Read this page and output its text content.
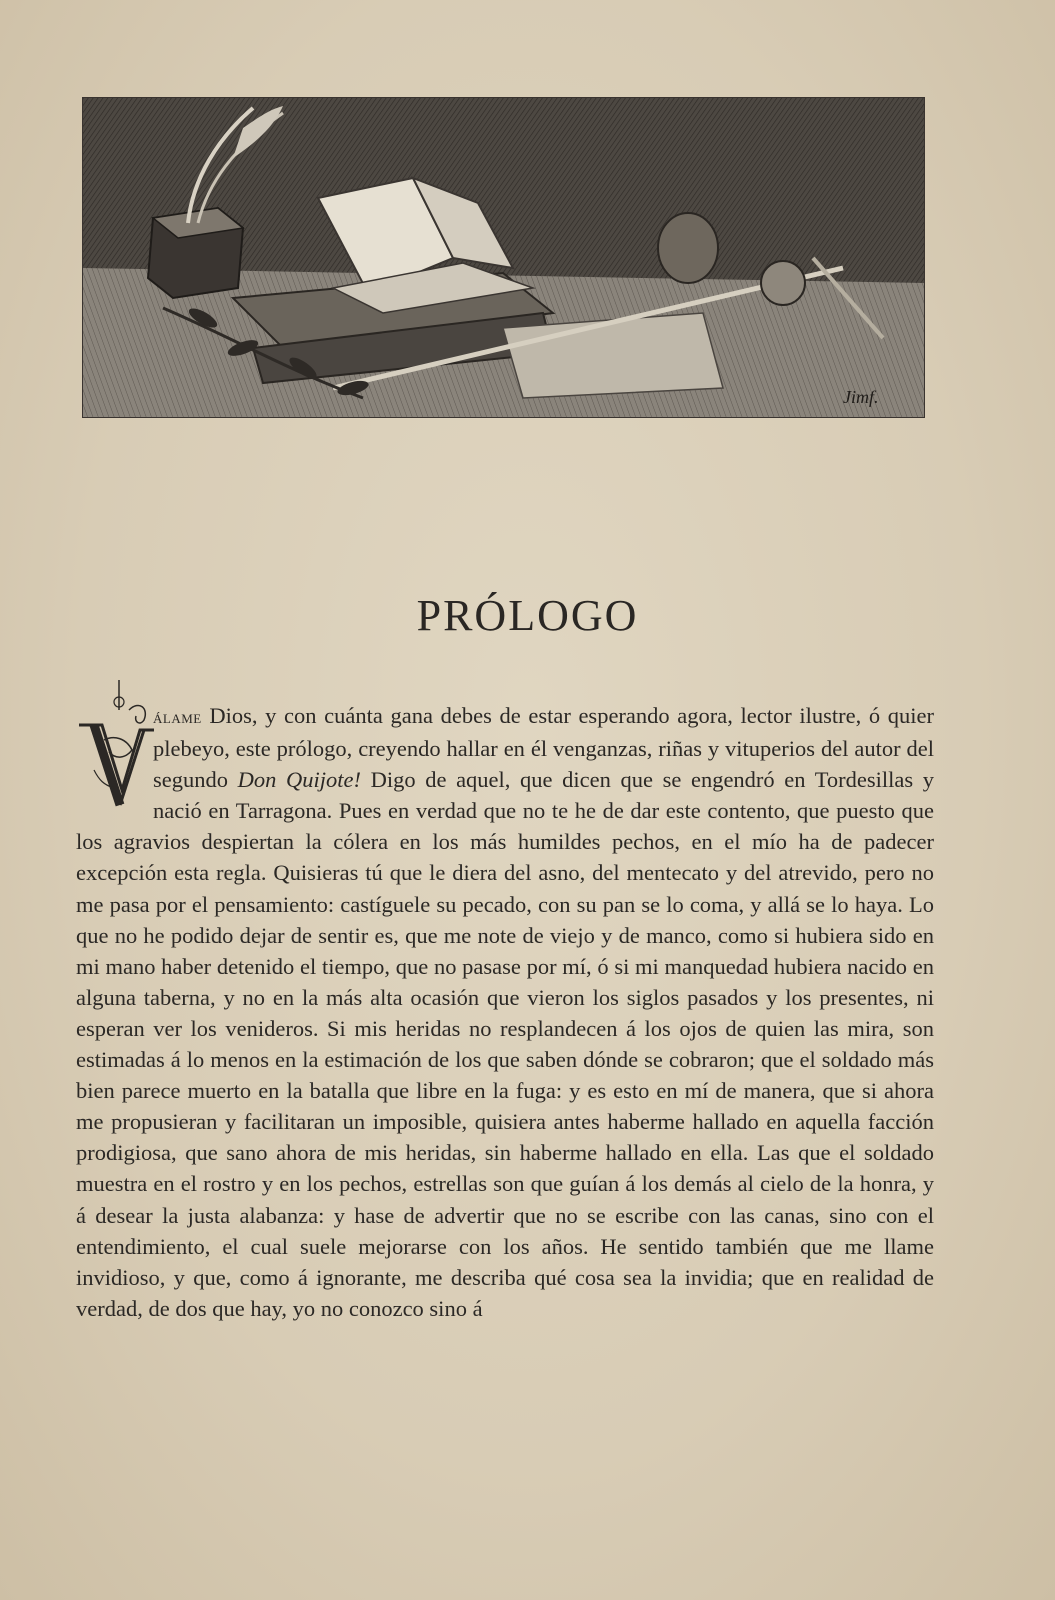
Jimf.
PRÓLOGO

álame Dios, y con cuánta gana debes de estar esperando agora, lector ilustre, ó quier plebeyo, este prólogo, creyendo hallar en él venganzas, riñas y vituperios del autor del segundo Don Quijote! Digo de aquel, que dicen que se engendró en Tordesillas y nació en Tarragona. Pues en verdad que no te he de dar este contento, que puesto que los agravios despiertan la cólera en los más humildes pechos, en el mío ha de padecer excepción esta regla. Quisieras tú que le diera del asno, del mentecato y del atrevido, pero no me pasa por el pensamiento: castíguele su pecado, con su pan se lo coma, y allá se lo haya. Lo que no he podido dejar de sentir es, que me note de viejo y de manco, como si hubiera sido en mi mano haber detenido el tiempo, que no pasase por mí, ó si mi manquedad hubiera nacido en alguna taberna, y no en la más alta ocasión que vieron los siglos pasados y los presentes, ni esperan ver los venideros. Si mis heridas no resplandecen á los ojos de quien las mira, son estimadas á lo menos en la estimación de los que saben dónde se cobraron; que el soldado más bien parece muerto en la batalla que libre en la fuga: y es esto en mí de manera, que si ahora me propusieran y facilitaran un imposible, quisiera antes haberme hallado en aquella facción prodigiosa, que sano ahora de mis heridas, sin haberme hallado en ella. Las que el soldado muestra en el rostro y en los pechos, estrellas son que guían á los demás al cielo de la honra, y á desear la justa alabanza: y hase de advertir que no se escribe con las canas, sino con el entendimiento, el cual suele mejorarse con los años. He sentido también que me llame invidioso, y que, como á ignorante, me describa qué cosa sea la invidia; que en realidad de verdad, de dos que hay, yo no conozco sino á
